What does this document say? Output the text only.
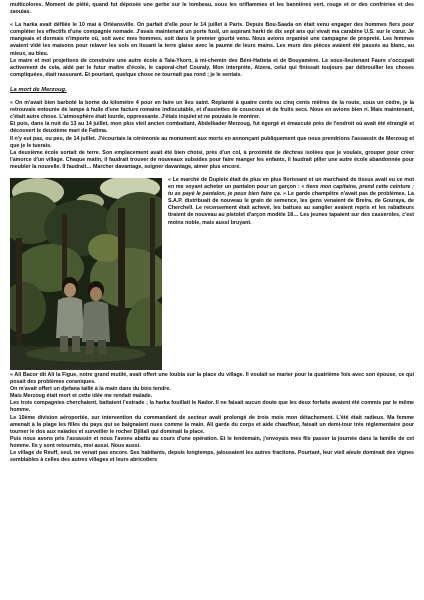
multicolores. Moment de piété, quand fut déposée une gerbe sur le tombeau, sous les oriflammes et les bannières vert, rouge et or des confréries et des zaouias.

« La harka avait défilée le 10 mai à Orléansville. On parfait d'elle pour le 14 juillet à Paris. Depuis Bou-Saada on était venu engager des hommes fiers pour compléter les effectifs d'une compagnie nomade. J'avais maintenant un porte fusil, un aspirant harki de dix sept ans qui vivait ma carabine U.S. sur le cœur. Je mangeais et dormais n'importe où, soit avec mes hommes, soit dans le premier gourbi venu. Nous avions organisé une campagne de propreté. Les femmes avaient vidé les maisons pour relaver les sols en lissant la terre glaise avec la paume de leurs mains. Les murs des pièces avaient été passés au blanc, au mieux, au bleu.
Le maire et moi projetions de construire une autre école à Tala-Ykorn, à mi-chemin des Béni-Hatteta et de Bouyamène. Le sous-lieutenant Faure s'occupait activement de cela, aidé par le futur maître d'école, le caporal-chef Couraly. Mon interprète, Alzera, celui qui finissait toujours par débrouiller les choses compliquées, était rassurant. Et pourtant, quelque chose ne tournait pas rond ; je le sentais.

La mort de Merzoug.

« On m'avait bien barboté la borne du kilomètre 4 pour en faire un lieu saint. Replanté à quatre cents ou cinq cents mètres de la route, sous un cèdre, je la retrouvais entourée de lampe à huile d'une facture romaine indiscutable, et d'assiettes de couscous et de fruits secs. Nous en avions bien ri. Mais maintenant, c'était autre chose. L'atmosphère était lourde, oppressante. J'étais inquiet et ne pouvais le montrer.
Et puis, dans la nuit du 13 au 14 juillet, mon plus vieil ancien combattant, Abdelkader Merzoug, fut égorgé et émasculé près de l'endroit où avait été étranglé et découvert le deuxième mari de Fatima.
Il n'y eut pas, ou peu, de 14 juillet. J'écourtais la cérémonie au monument aux morts en annonçant publiquement que nous prendrions l'assassin de Merzoug et que je le tuerais.
La deuxième école sortait de terre. Son emplacement avait été bien choisi, près d'un col, à proximité de déchras isolées que je voulais, grouper pour créer l'amorce d'un village. Chaque matin, il faudrait trouver de nouveaux subsides pour faire manger les enfants, il faudrait piller une autre école abandonnée pour meubler la nouvelle. Il faudrait… Marcher davantage, soigner davantage, aimer plus encore.

« Le marché de Dupleix était de plus en plus florissant et un marchand de tissus avait eu ce mot en me voyant acheter un pantalon pour un garçon : « tiens mon capitaine, prend cette ceinture ; tu as payé le pantalon, je peux bien faire ça. » Le garde champêtre n'avait pas de problèmes. La S.A.P. distribuait de nouveau le grain de semence, les gens venaient de Breira, de Gouraya, de Cherchell. Le recensement était achevé, les battues au sanglier avaient repris et les rabatteurs tiraient de nouveau au pistolet d'arçon modèle 18… Les jeunes tapaient sur des casseroles, c'est moins noble, mais aussi bruyant.

« Ali Bacor dit Ali la Figue, notre grand mutilé, avait offert une loubia sur la place du village. Il voulait se marier pour la quatrième fois avec son épouse, ce qui posait des problèmes coraniques.
On m'avait offert un djefana taillé à la main dans du bois tendre.
Mais Merzoug était mort et cette idée me rendait malade.
Les trois compagnies cherchaient, battaient l'estrade ; la harka fouillait le Nador. Il ne faisait aucun doute que les deux forfaits avaient été commis par le même homme.
Le 10ème division aéroportée, sur intervention du commandant de secteur avait prolongé de trois mois mon détachement. L'été était radieux. Ma femme amenait à la plage les filles du pays qui se baignaient nues comme la main. Ali garde du corps et aide chauffeur, faisait un demi-tour très réglementaire pour tourner le dos aux naïades et surveiller le rocher Djillali qui dominait la place.
Puis nous avons pris l'assassin et nous l'avons abattu au cours d'une opération. Et le lendemain, j'envoyais mes fils passer la journée dans la famille de cet homme. Ils y sont retournés, moi aussi. Nous aussi.
Le village de Reuff, seul, ne venait pas encore. Ses habitants, depuis longtemps, jalousaient les autres fractions. Pourtant, leur vieil aïeule dominait des vignes semblables à celles des autres villages et leurs abricotiers
